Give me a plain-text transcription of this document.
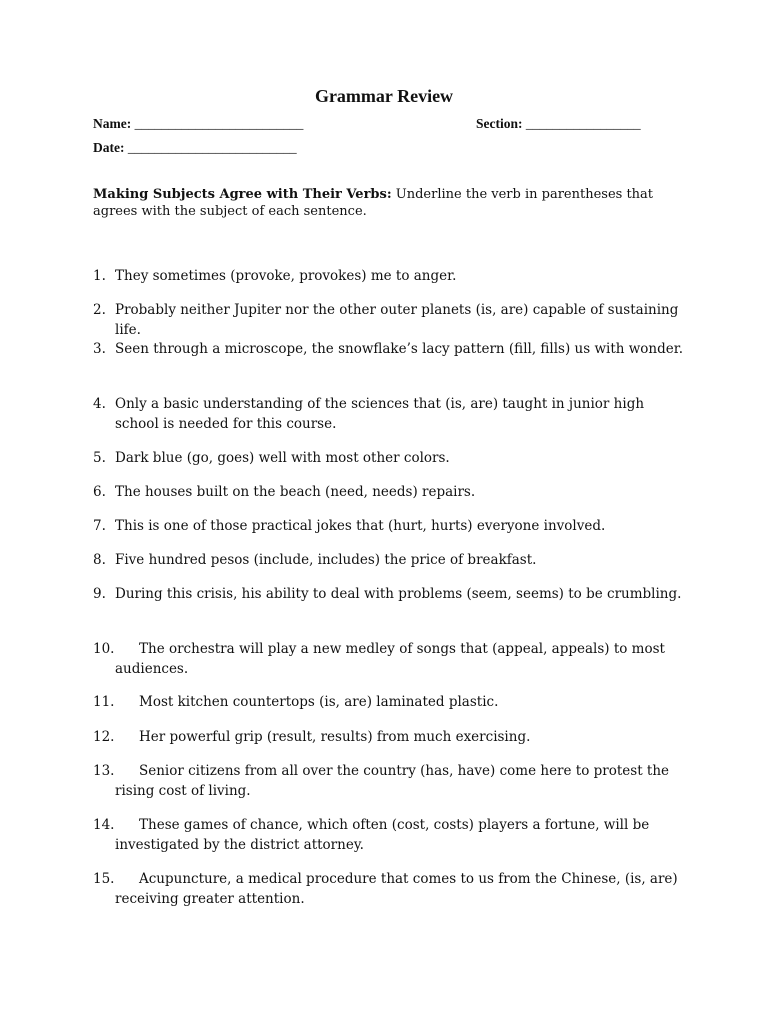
Grammar Review
Name: _________________________	Section: _________________
Date: _________________________
Making Subjects Agree with Their Verbs: Underline the verb in parentheses that agrees with the subject of each sentence.
1. They sometimes (provoke, provokes) me to anger.
2. Probably neither Jupiter nor the other outer planets (is, are) capable of sustaining life.
3. Seen through a microscope, the snowflake’s lacy pattern (fill, fills) us with wonder.
4. Only a basic understanding of the sciences that (is, are) taught in junior high school is needed for this course.
5. Dark blue (go, goes) well with most other colors.
6. The houses built on the beach (need, needs) repairs.
7. This is one of those practical jokes that (hurt, hurts) everyone involved.
8. Five hundred pesos (include, includes) the price of breakfast.
9. During this crisis, his ability to deal with problems (seem, seems) to be crumbling.
10.	The orchestra will play a new medley of songs that (appeal, appeals) to most audiences.
11.	Most kitchen countertops (is, are) laminated plastic.
12.	Her powerful grip (result, results) from much exercising.
13.	Senior citizens from all over the country (has, have) come here to protest the rising cost of living.
14.	These games of chance, which often (cost, costs) players a fortune, will be investigated by the district attorney.
15.	Acupuncture, a medical procedure that comes to us from the Chinese, (is, are) receiving greater attention.
